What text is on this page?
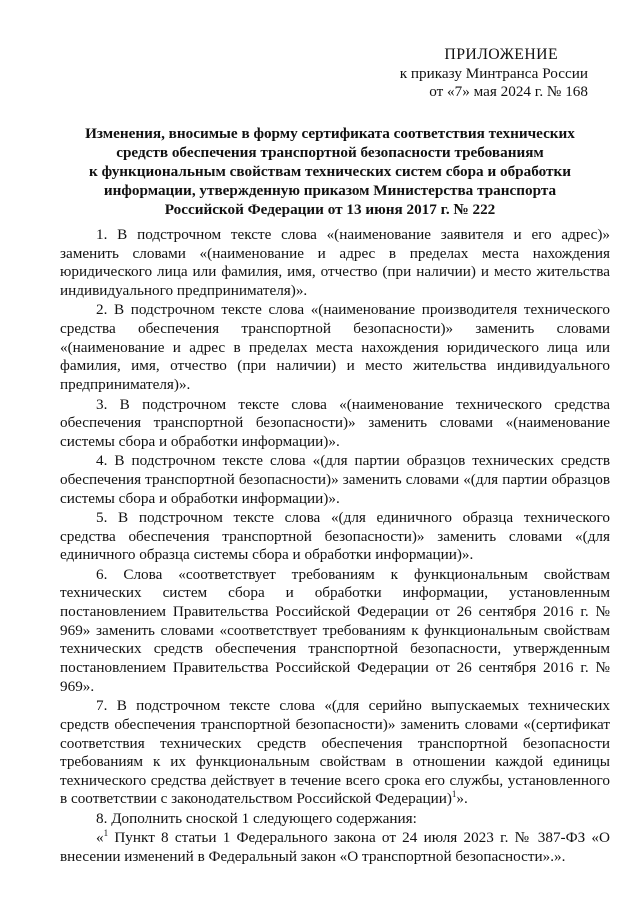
ПРИЛОЖЕНИЕ
к приказу Минтранса России
от «7» мая 2024 г. № 168
Изменения, вносимые в форму сертификата соответствия технических
средств обеспечения транспортной безопасности требованиям
к функциональным свойствам технических систем сбора и обработки
информации, утвержденную приказом Министерства транспорта
Российской Федерации от 13 июня 2017 г. № 222

1. В подстрочном тексте слова «(наименование заявителя и его адрес)» заменить словами «(наименование и адрес в пределах места нахождения юридического лица или фамилия, имя, отчество (при наличии) и место жительства индивидуального предпринимателя)».

2. В подстрочном тексте слова «(наименование производителя технического средства обеспечения транспортной безопасности)» заменить словами «(наименование и адрес в пределах места нахождения юридического лица или фамилия, имя, отчество (при наличии) и место жительства индивидуального предпринимателя)».

3. В подстрочном тексте слова «(наименование технического средства обеспечения транспортной безопасности)» заменить словами «(наименование системы сбора и обработки информации)».

4. В подстрочном тексте слова «(для партии образцов технических средств обеспечения транспортной безопасности)» заменить словами «(для партии образцов системы сбора и обработки информации)».

5. В подстрочном тексте слова «(для единичного образца технического средства обеспечения транспортной безопасности)» заменить словами «(для единичного образца системы сбора и обработки информации)».

6. Слова «соответствует требованиям к функциональным свойствам технических систем сбора и обработки информации, установленным постановлением Правительства Российской Федерации от 26 сентября 2016 г. № 969» заменить словами «соответствует требованиям к функциональным свойствам технических средств обеспечения транспортной безопасности, утвержденным постановлением Правительства Российской Федерации от 26 сентября 2016 г. № 969».

7. В подстрочном тексте слова «(для серийно выпускаемых технических средств обеспечения транспортной безопасности)» заменить словами «(сертификат соответствия технических средств обеспечения транспортной безопасности требованиям к их функциональным свойствам в отношении каждой единицы технического средства действует в течение всего срока его службы, установленного в соответствии с законодательством Российской Федерации)$^1$».

8. Дополнить сноской 1 следующего содержания:

«$^1$ Пункт 8 статьи 1 Федерального закона от 24 июля 2023 г. № 387-ФЗ «О внесении изменений в Федеральный закон «О транспортной безопасности».».
